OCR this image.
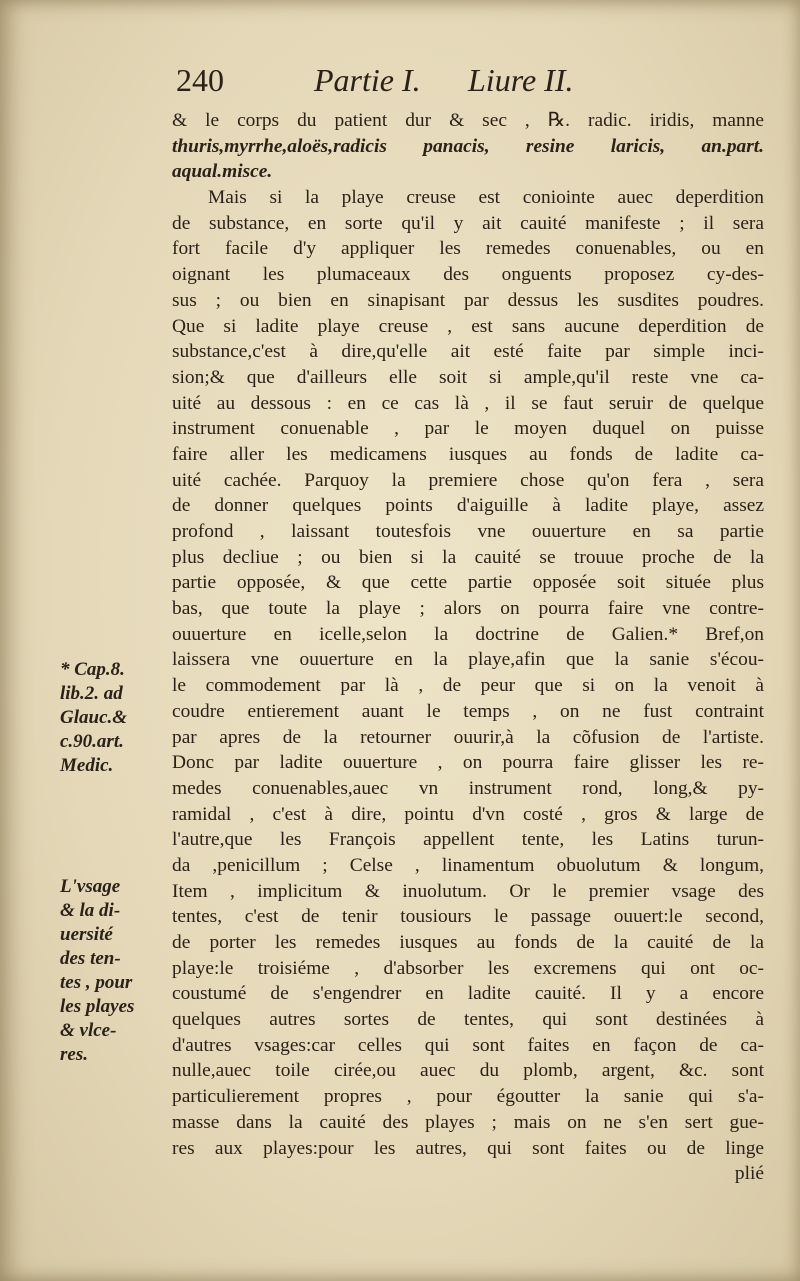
240	Partie I. Liure II.
* Cap.8.
lib.2. ad
Glauc.&
c.90.art.
Medic.
L'vsage
& la di-
uersité
des ten-
tes , pour
les playes
& vlce-
res.
& le corps du patient dur & sec , ℞. radic. iridis, manne
thuris,myrrhe,aloës,radicis panacis, resine laricis, an.part.
aqual.misce.
Mais si la playe creuse est coniointe auec deperdition
de substance, en sorte qu'il y ait cauité manifeste ; il sera
fort facile d'y appliquer les remedes conuenables, ou en
oignant les plumaceaux des onguents proposez cy-des-
sus ; ou bien en sinapisant par dessus les susdites poudres.
Que si ladite playe creuse , est sans aucune deperdition de
substance,c'est à dire,qu'elle ait esté faite par simple inci-
sion;& que d'ailleurs elle soit si ample,qu'il reste vne ca-
uité au dessous : en ce cas là , il se faut seruir de quelque
instrument conuenable , par le moyen duquel on puisse
faire aller les medicamens iusques au fonds de ladite ca-
uité cachée. Parquoy la premiere chose qu'on fera , sera
de donner quelques points d'aiguille à ladite playe, assez
profond , laissant toutesfois vne ouuerture en sa partie
plus decliue ; ou bien si la cauité se trouue proche de la
partie opposée, & que cette partie opposée soit située plus
bas, que toute la playe ; alors on pourra faire vne contre-
ouuerture en icelle,selon la doctrine de Galien.* Bref,on
laissera vne ouuerture en la playe,afin que la sanie s'écou-
le commodement par là , de peur que si on la venoit à
coudre entierement auant le temps , on ne fust contraint
par apres de la retourner ouurir,à la cõfusion de l'artiste.
Donc par ladite ouuerture , on pourra faire glisser les re-
medes conuenables,auec vn instrument rond, long,& py-
ramidal , c'est à dire, pointu d'vn costé , gros & large de
l'autre,que les François appellent tente, les Latins turun-
da ,penicillum ; Celse , linamentum obuolutum & longum,
Item , implicitum & inuolutum. Or le premier vsage des
tentes, c'est de tenir tousiours le passage ouuert:le second,
de porter les remedes iusques au fonds de la cauité de la
playe:le troisiéme , d'absorber les excremens qui ont oc-
coustumé de s'engendrer en ladite cauité. Il y a encore
quelques autres sortes de tentes, qui sont destinées à
d'autres vsages:car celles qui sont faites en façon de ca-
nulle,auec toile cirée,ou auec du plomb, argent, &c. sont
particulierement propres , pour égoutter la sanie qui s'a-
masse dans la cauité des playes ; mais on ne s'en sert gue-
res aux playes:pour les autres, qui sont faites ou de linge
plié
